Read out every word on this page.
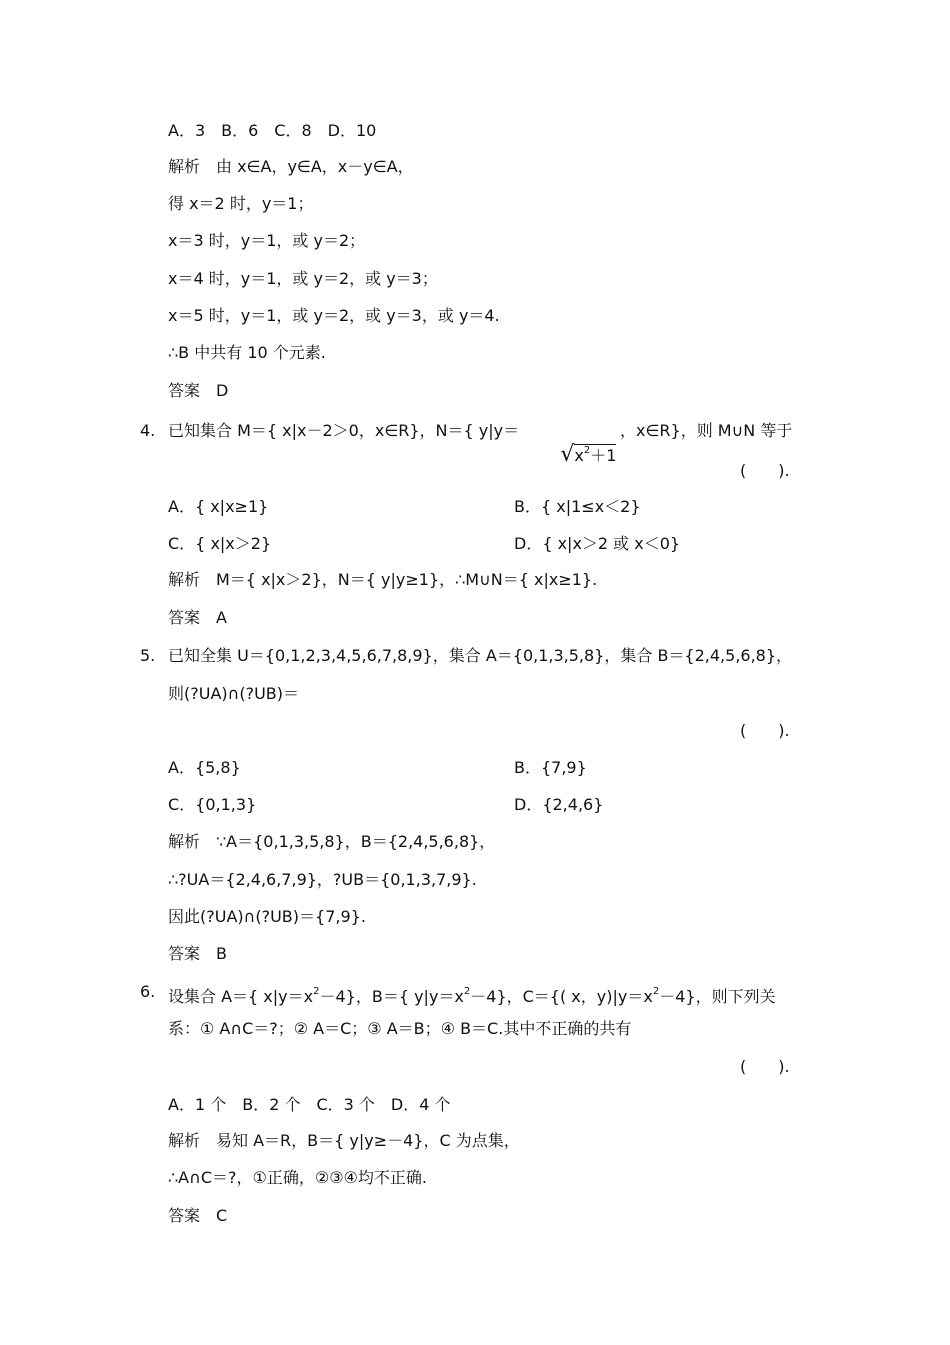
A．3　B．6　C．8　D．10
解析　由 x∈A，y∈A，x－y∈A，
得 x＝2 时，y＝1；
x＝3 时，y＝1，或 y＝2；
x＝4 时，y＝1，或 y＝2，或 y＝3；
x＝5 时，y＝1，或 y＝2，或 y＝3，或 y＝4.
∴B 中共有 10 个元素.
答案　D
4. 已知集合 M＝{ x|x－2＞0，x∈R}，N＝{ y|y＝

$√x^2+1$

，x∈R}，则 M∪N 等于
(　　).
A．{ x|x≥1}	B．{ x|1≤x＜2}
C．{ x|x＞2}	D．{ x|x＞2 或 x＜0}
解析　M＝{ x|x＞2}，N＝{ y|y≥1}，∴M∪N＝{ x|x≥1}.
答案　A
5. 已知全集 U＝{0,1,2,3,4,5,6,7,8,9}，集合 A＝{0,1,3,5,8}，集合 B＝{2,4,5,6,8}，
则(?UA)∩(?UB)＝
(　　).
A．{5,8}	B．{7,9}
C．{0,1,3}	D．{2,4,6}
解析　∵A＝{0,1,3,5,8}，B＝{2,4,5,6,8}，
∴?UA＝{2,4,6,7,9}，?UB＝{0,1,3,7,9}.
因此(?UA)∩(?UB)＝{7,9}.
答案　B
6. 设集合 A＝{ $x|y=x^2-4$}，B＝{ $y|y=x^2-4$}，C＝{( x，$y)|y=x^2-4$}，则下列关
系：① A∩C＝?；② A＝C；③ A＝B；④ B＝C.其中不正确的共有
(　　).
A．1 个　B．2 个　C．3 个　D．4 个
解析　易知 A＝R，B＝{ y|y≥－4}，C 为点集，
∴A∩C＝?，①正确，②③④均不正确.
答案　C
